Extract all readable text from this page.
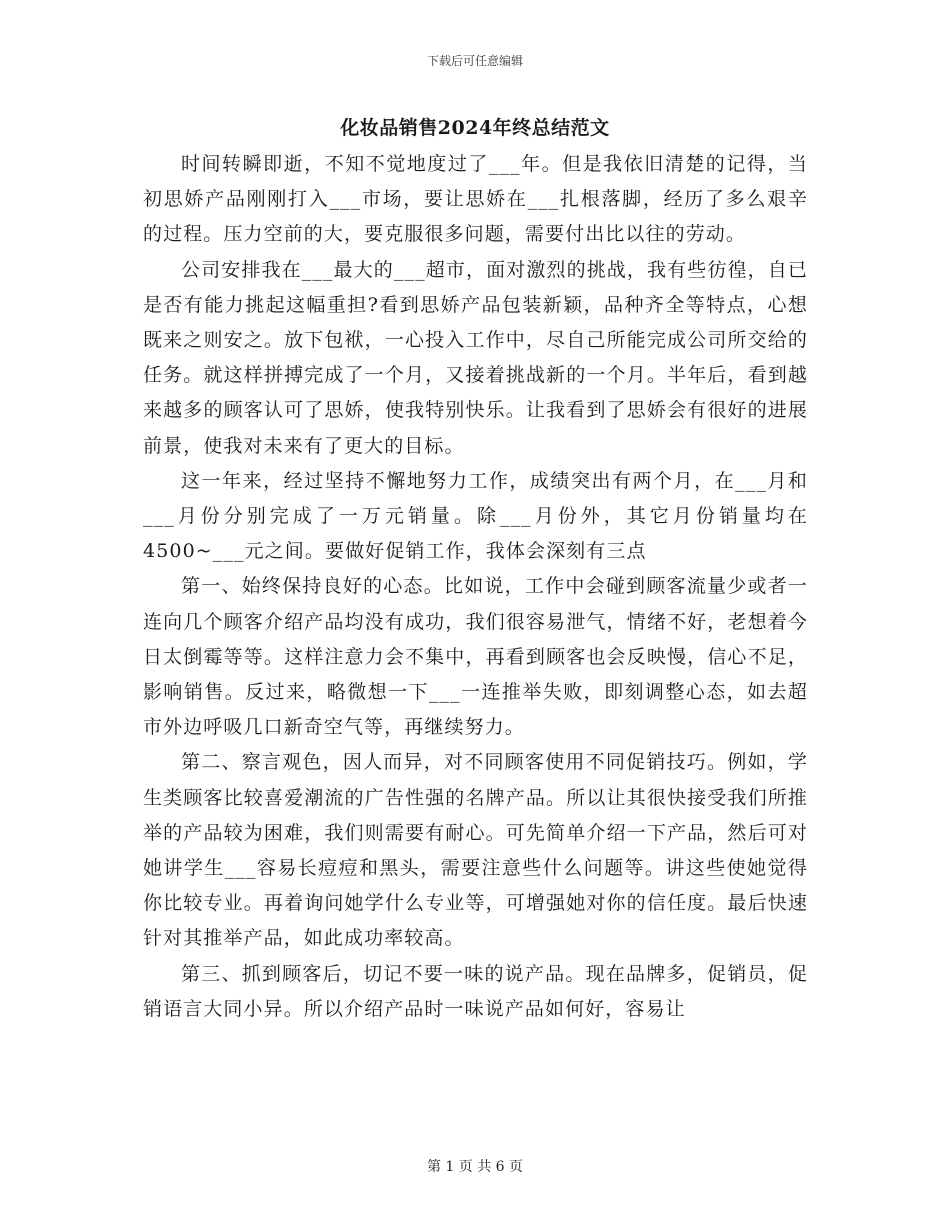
下载后可任意编辑
化妆品销售2024年终总结范文

时间转瞬即逝，不知不觉地度过了___年。但是我依旧清楚的记得，当初思娇产品刚刚打入___市场，要让思娇在___扎根落脚，经历了多么艰辛的过程。压力空前的大，要克服很多问题，需要付出比以往的劳动。

公司安排我在___最大的___超市，面对激烈的挑战，我有些彷徨，自已是否有能力挑起这幅重担?看到思娇产品包装新颖，品种齐全等特点，心想既来之则安之。放下包袱，一心投入工作中，尽自己所能完成公司所交给的任务。就这样拼搏完成了一个月，又接着挑战新的一个月。半年后，看到越来越多的顾客认可了思娇，使我特别快乐。让我看到了思娇会有很好的进展前景，使我对未来有了更大的目标。

这一年来，经过坚持不懈地努力工作，成绩突出有两个月，在___月和___月份分别完成了一万元销量。除___月份外，其它月份销量均在4500~___元之间。要做好促销工作，我体会深刻有三点

第一、始终保持良好的心态。比如说，工作中会碰到顾客流量少或者一连向几个顾客介绍产品均没有成功，我们很容易泄气，情绪不好，老想着今日太倒霉等等。这样注意力会不集中，再看到顾客也会反映慢，信心不足，影响销售。反过来，略微想一下___一连推举失败，即刻调整心态，如去超市外边呼吸几口新奇空气等，再继续努力。

第二、察言观色，因人而异，对不同顾客使用不同促销技巧。例如，学生类顾客比较喜爱潮流的广告性强的名牌产品。所以让其很快接受我们所推举的产品较为困难，我们则需要有耐心。可先简单介绍一下产品，然后可对她讲学生___容易长痘痘和黑头，需要注意些什么问题等。讲这些使她觉得你比较专业。再着询问她学什么专业等，可增强她对你的信任度。最后快速针对其推举产品，如此成功率较高。

第三、抓到顾客后，切记不要一味的说产品。现在品牌多，促销员，促销语言大同小异。所以介绍产品时一味说产品如何好，容易让

第 1 页 共 6 页
